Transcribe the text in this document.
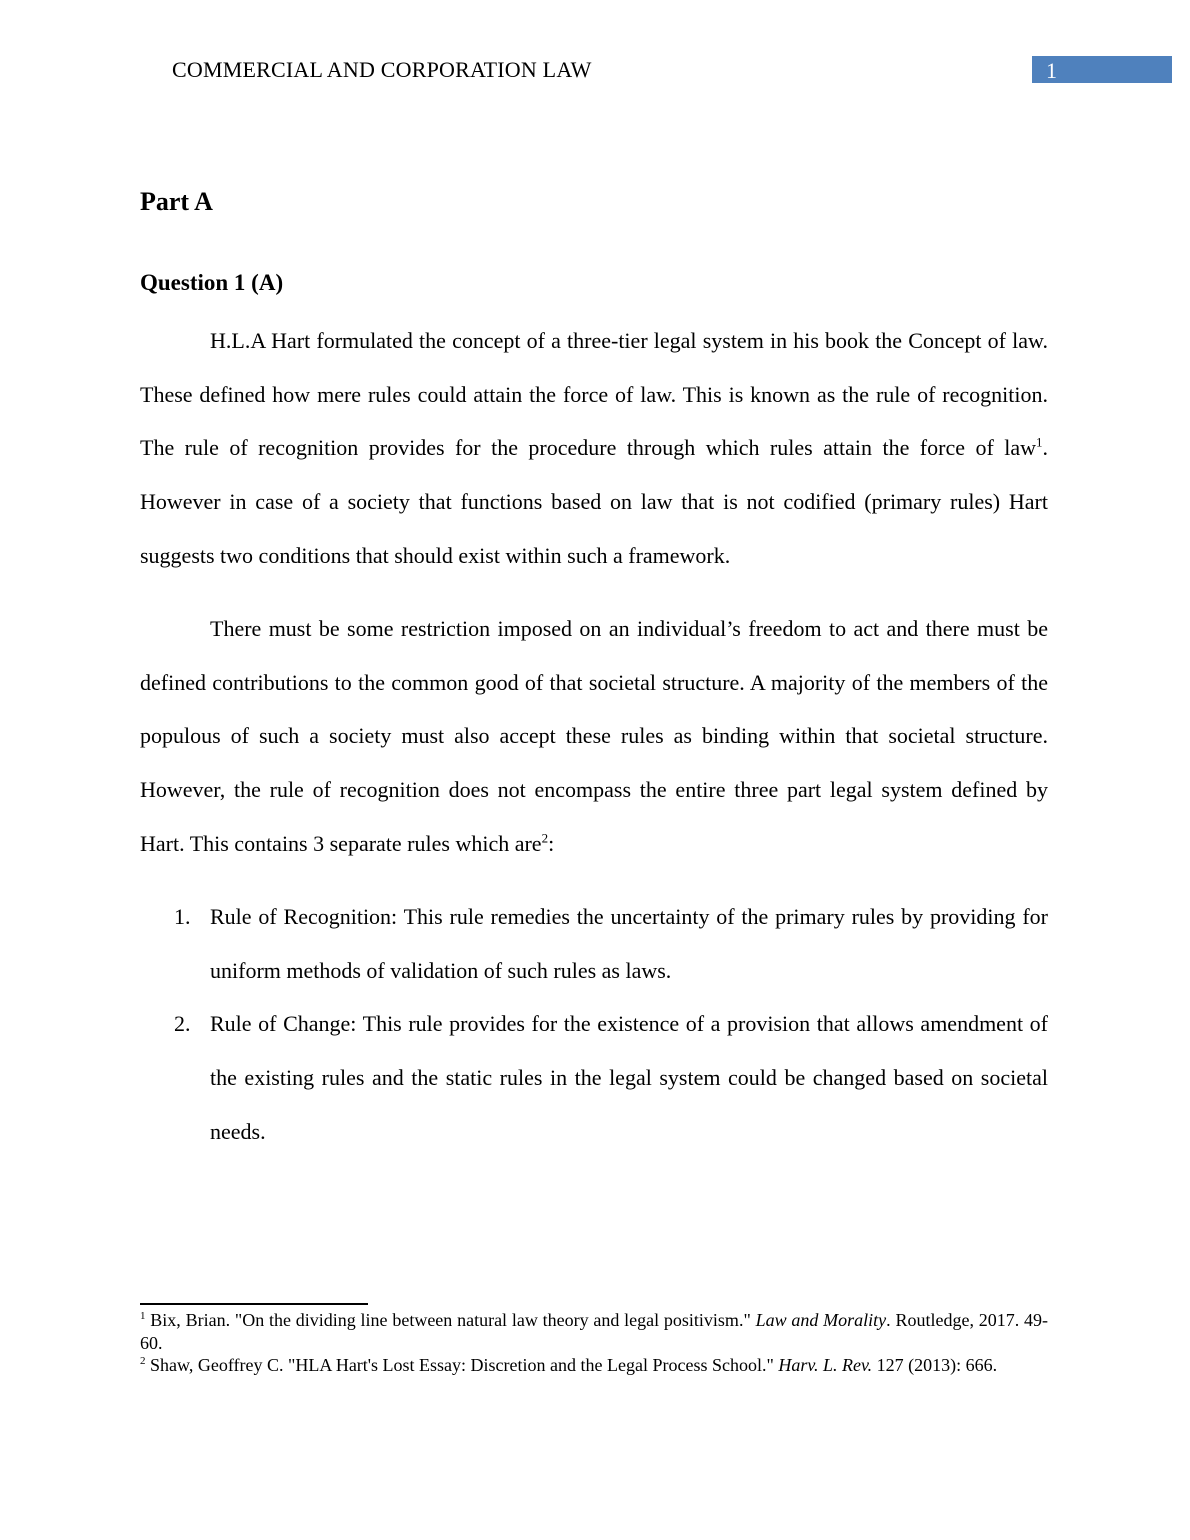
COMMERCIAL AND CORPORATION LAW	1
Part A
Question 1 (A)

H.L.A Hart formulated the concept of a three-tier legal system in his book the Concept of law. These defined how mere rules could attain the force of law. This is known as the rule of recognition. The rule of recognition provides for the procedure through which rules attain the force of law$^1$. However in case of a society that functions based on law that is not codified (primary rules) Hart suggests two conditions that should exist within such a framework.

There must be some restriction imposed on an individual’s freedom to act and there must be defined contributions to the common good of that societal structure. A majority of the members of the populous of such a society must also accept these rules as binding within that societal structure. However, the rule of recognition does not encompass the entire three part legal system defined by Hart. This contains 3 separate rules which are$^2$:

1. Rule of Recognition: This rule remedies the uncertainty of the primary rules by providing for uniform methods of validation of such rules as laws.
2. Rule of Change: This rule provides for the existence of a provision that allows amendment of the existing rules and the static rules in the legal system could be changed based on societal needs.

$^1$ Bix, Brian. "On the dividing line between natural law theory and legal positivism." Law and Morality. Routledge, 2017. 49-60.

$^2$ Shaw, Geoffrey C. "HLA Hart's Lost Essay: Discretion and the Legal Process School." Harv. L. Rev. 127 (2013): 666.
